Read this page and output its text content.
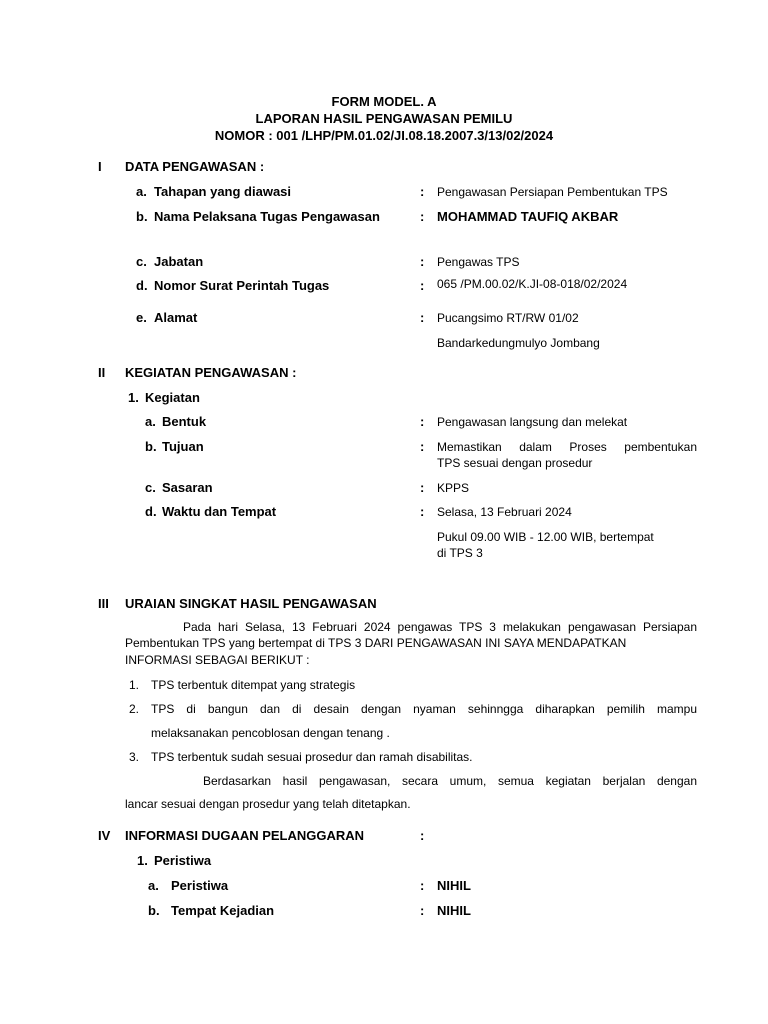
FORM MODEL. A
LAPORAN HASIL PENGAWASAN PEMILU
NOMOR : 001 /LHP/PM.01.02/JI.08.18.2007.3/13/02/2024
I DATA PENGAWASAN :
a. Tahapan yang diawasi	: Pengawasan Persiapan Pembentukan TPS
b. Nama Pelaksana Tugas Pengawasan	: MOHAMMAD TAUFIQ AKBAR
c. Jabatan	: Pengawas TPS
d. Nomor Surat Perintah Tugas	: 065 /PM.00.02/K.JI-08-018/02/2024
e. Alamat	: Pucangsimo RT/RW 01/02
Bandarkedungmulyo Jombang
II KEGIATAN PENGAWASAN :
1. Kegiatan
a. Bentuk	: Pengawasan langsung dan melekat
b. Tujuan	: Memastikan dalam Proses pembentukan
TPS sesuai dengan prosedur
c. Sasaran	: KPPS
d. Waktu dan Tempat	: Selasa, 13 Februari 2024
Pukul 09.00 WIB - 12.00 WIB, bertempat
di TPS 3
III URAIAN SINGKAT HASIL PENGAWASAN
Pada hari Selasa, 13 Februari 2024 pengawas TPS 3 melakukan pengawasan Persiapan
Pembentukan TPS yang bertempat di TPS 3 DARI PENGAWASAN INI SAYA MENDAPATKAN
INFORMASI SEBAGAI BERIKUT :
1. TPS terbentuk ditempat yang strategis
2. TPS di bangun dan di desain dengan nyaman sehinngga diharapkan pemilih mampu
melaksanakan pencoblosan dengan tenang .
3. TPS terbentuk sudah sesuai prosedur dan ramah disabilitas.
Berdasarkan hasil pengawasan, secara umum, semua kegiatan berjalan dengan
lancar sesuai dengan prosedur yang telah ditetapkan.
IV INFORMASI DUGAAN PELANGGARAN	:
1. Peristiwa
a. Peristiwa	: NIHIL
b. Tempat Kejadian	: NIHIL
